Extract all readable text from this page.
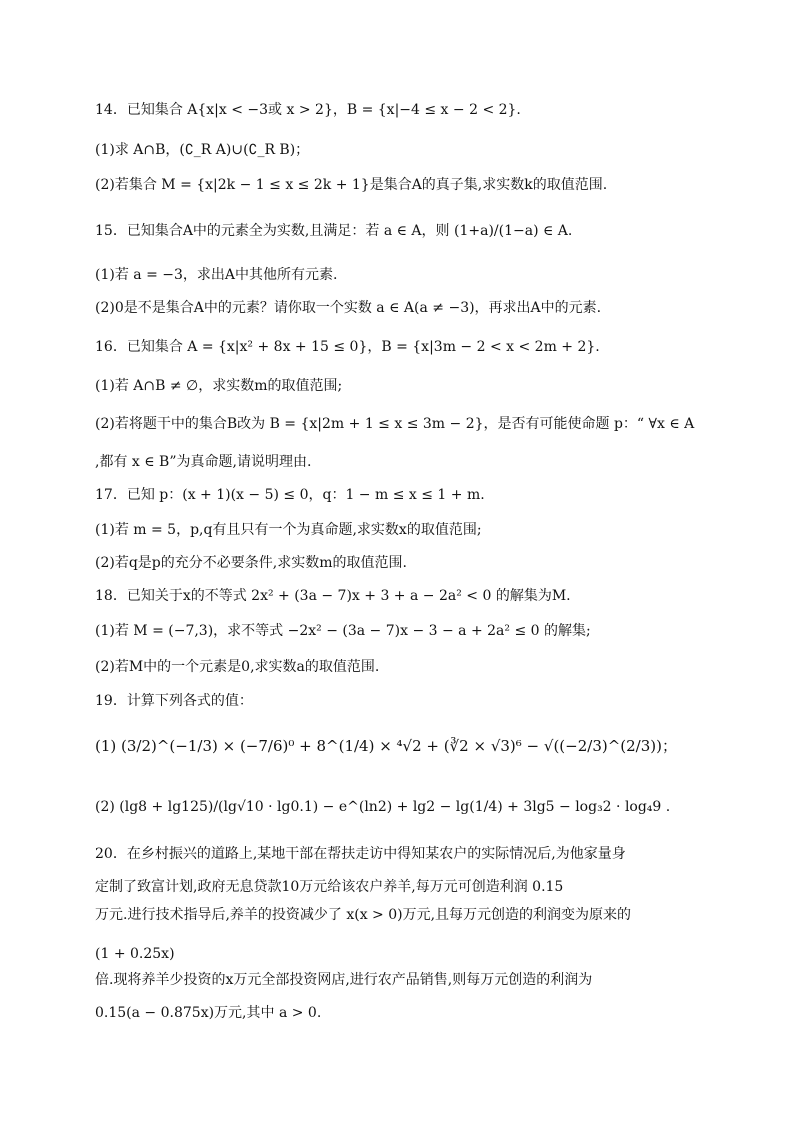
14．已知集合 A{x|x < −3或 x > 2}，B = {x|−4 ≤ x − 2 < 2}.
(1)求 A∩B，(∁_R A)∪(∁_R B)；
(2)若集合 M = {x|2k − 1 ≤ x ≤ 2k + 1}是集合A的真子集,求实数k的取值范围.
15．已知集合A中的元素全为实数,且满足：若 a ∈ A，则 (1+a)/(1−a) ∈ A.
(1)若 a = −3，求出A中其他所有元素.
(2)0是不是集合A中的元素？请你取一个实数 a ∈ A(a ≠ −3)，再求出A中的元素.
16．已知集合 A = {x|x² + 8x + 15 ≤ 0}，B = {x|3m − 2 < x < 2m + 2}.
(1)若 A∩B ≠ ∅，求实数m的取值范围;
(2)若将题干中的集合B改为 B = {x|2m + 1 ≤ x ≤ 3m − 2}，是否有可能使命题 p：“ ∀x ∈ A
,都有 x ∈ B”为真命题,请说明理由.
17．已知 p：(x + 1)(x − 5) ≤ 0，q：1 − m ≤ x ≤ 1 + m.
(1)若 m = 5，p,q有且只有一个为真命题,求实数x的取值范围;
(2)若q是p的充分不必要条件,求实数m的取值范围.
18．已知关于x的不等式 2x² + (3a − 7)x + 3 + a − 2a² < 0 的解集为M.
(1)若 M = (−7,3)，求不等式 −2x² − (3a − 7)x − 3 − a + 2a² ≤ 0 的解集;
(2)若M中的一个元素是0,求实数a的取值范围.
19．计算下列各式的值：
(1) (3/2)^(−1/3) × (−7/6)⁰ + 8^(1/4) × ⁴√2 + (∛2 × √3)⁶ − √((−2/3)^(2/3))；
(2) (lg8 + lg125)/(lg√10 · lg0.1) − e^(ln2) + lg2 − lg(1/4) + 3lg5 − log₃2 · log₄9 .
20．在乡村振兴的道路上,某地干部在帮扶走访中得知某农户的实际情况后,为他家量身
定制了致富计划,政府无息贷款10万元给该农户养羊,每万元可创造利润 0.15
万元.进行技术指导后,养羊的投资减少了 x(x > 0)万元,且每万元创造的利润变为原来的
(1 + 0.25x)
倍.现将养羊少投资的x万元全部投资网店,进行农产品销售,则每万元创造的利润为
0.15(a − 0.875x)万元,其中 a > 0.
